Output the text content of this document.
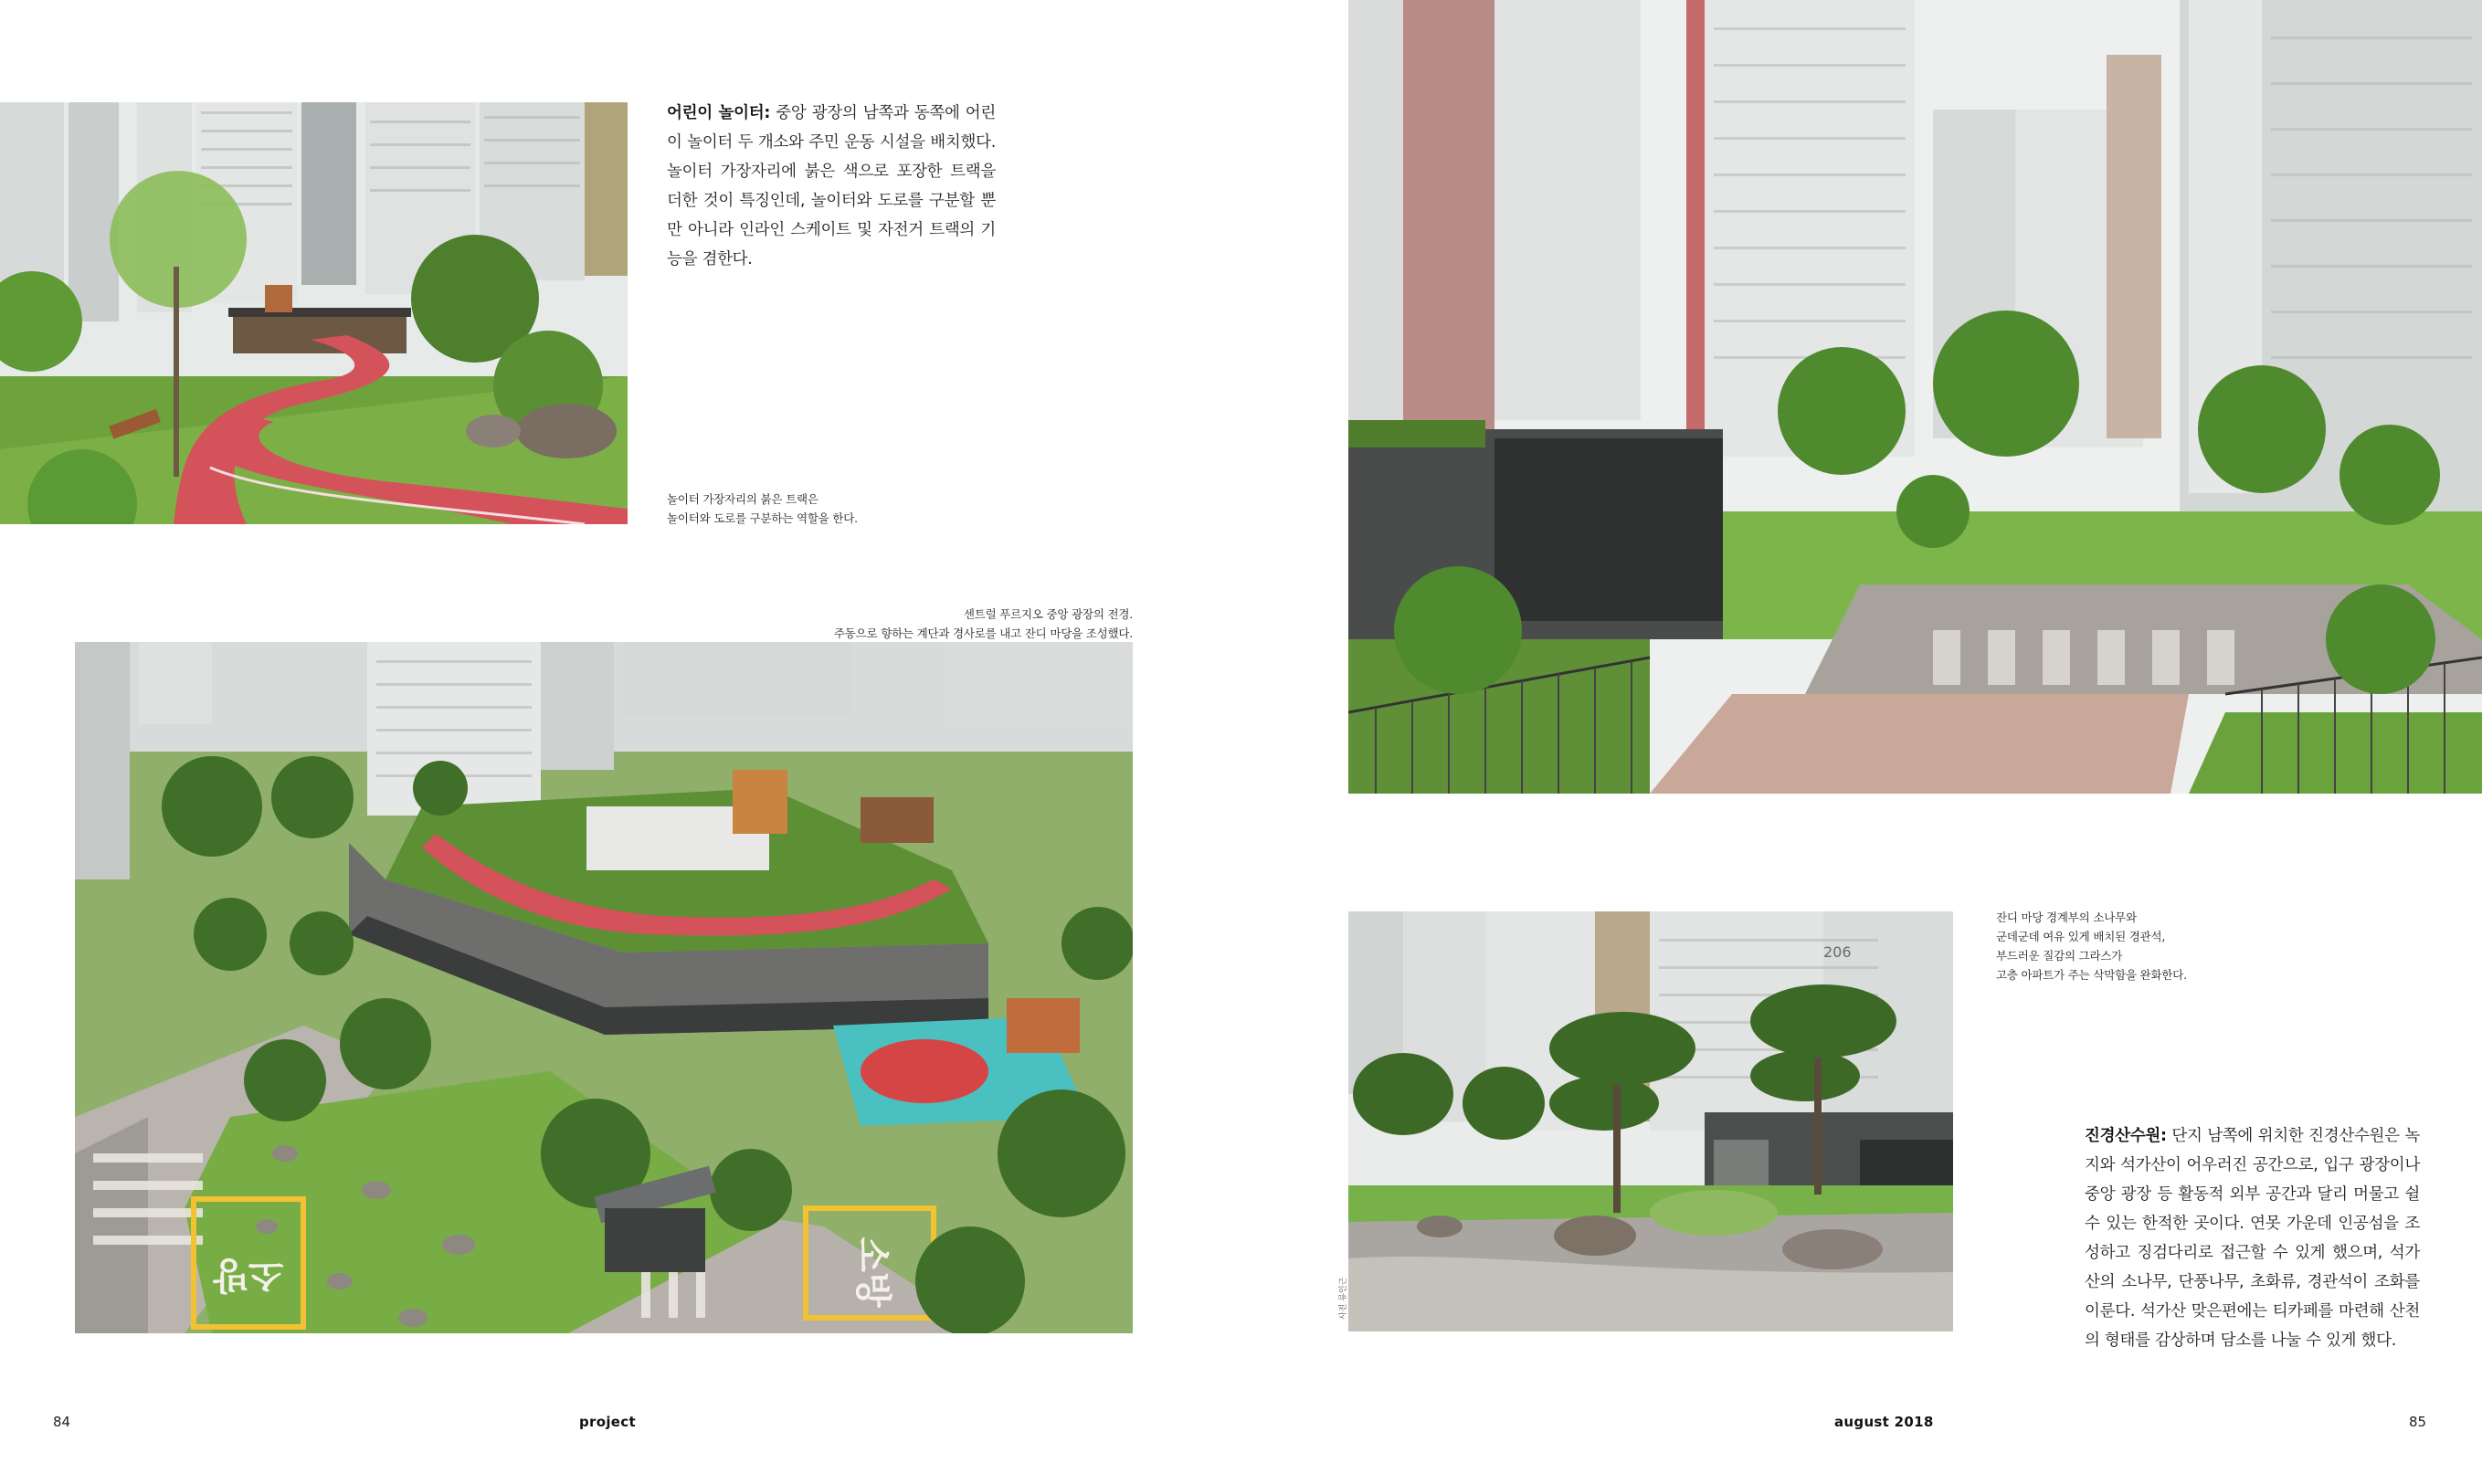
어린이 놀이터: 중앙 광장의 남쪽과 동쪽에 어린이 놀이터 두 개소와 주민 운동 시설을 배치했다. 놀이터 가장자리에 붉은 색으로 포장한 트랙을 더한 것이 특징인데, 놀이터와 도로를 구분할 뿐만 아니라 인라인 스케이트 및 자전거 트랙의 기능을 겸한다.
놀이터 가장자리의 붉은 트랙은
놀이터와 도로를 구분하는 역할을 한다.
센트럴 푸르지오 중앙 광장의 전경.
주동으로 향하는 계단과 경사로를 내고 잔디 마당을 조성했다.
소방	소방
84	project
206
사진 류인근
잔디 마당 경계부의 소나무와
군데군데 여유 있게 배치된 경관석,
부드러운 질감의 그라스가
고층 아파트가 주는 삭막함을 완화한다.
진경산수원: 단지 남쪽에 위치한 진경산수원은 녹지와 석가산이 어우러진 공간으로, 입구 광장이나 중앙 광장 등 활동적 외부 공간과 달리 머물고 쉴 수 있는 한적한 곳이다. 연못 가운데 인공섬을 조성하고 징검다리로 접근할 수 있게 했으며, 석가산의 소나무, 단풍나무, 초화류, 경관석이 조화를 이룬다. 석가산 맞은편에는 티카페를 마련해 산천의 형태를 감상하며 담소를 나눌 수 있게 했다.
august 2018	85
